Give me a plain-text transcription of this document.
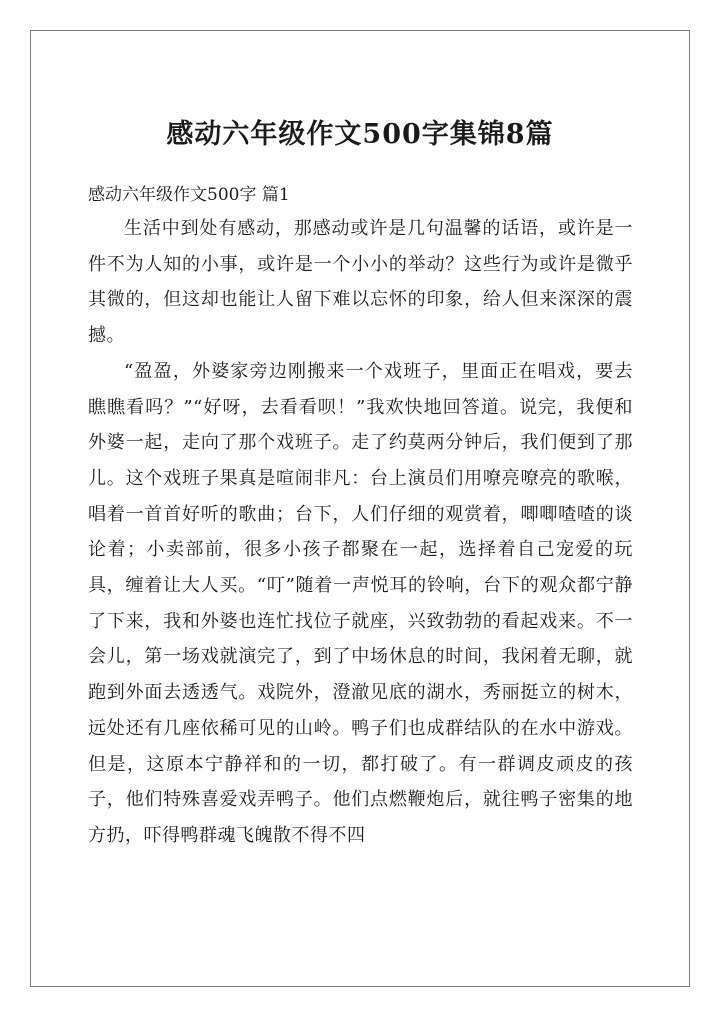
感动六年级作文500字集锦8篇

感动六年级作文500字 篇1

生活中到处有感动，那感动或许是几句温馨的话语，或许是一件不为人知的小事，或许是一个小小的举动？这些行为或许是微乎其微的，但这却也能让人留下难以忘怀的印象，给人但来深深的震撼。

“盈盈，外婆家旁边刚搬来一个戏班子，里面正在唱戏，要去瞧瞧看吗？”“好呀，去看看呗！”我欢快地回答道。说完，我便和外婆一起，走向了那个戏班子。走了约莫两分钟后，我们便到了那儿。这个戏班子果真是喧闹非凡：台上演员们用嘹亮嘹亮的歌喉，唱着一首首好听的歌曲；台下，人们仔细的观赏着，唧唧喳喳的谈论着；小卖部前，很多小孩子都聚在一起，选择着自己宠爱的玩具，缠着让大人买。“叮”随着一声悦耳的铃响，台下的观众都宁静了下来，我和外婆也连忙找位子就座，兴致勃勃的看起戏来。不一会儿，第一场戏就演完了，到了中场休息的时间，我闲着无聊，就跑到外面去透透气。戏院外，澄澈见底的湖水，秀丽挺立的树木，远处还有几座依稀可见的山岭。鸭子们也成群结队的在水中游戏。但是，这原本宁静祥和的一切，都打破了。有一群调皮顽皮的孩子，他们特殊喜爱戏弄鸭子。他们点燃鞭炮后，就往鸭子密集的地方扔，吓得鸭群魂飞魄散不得不四
